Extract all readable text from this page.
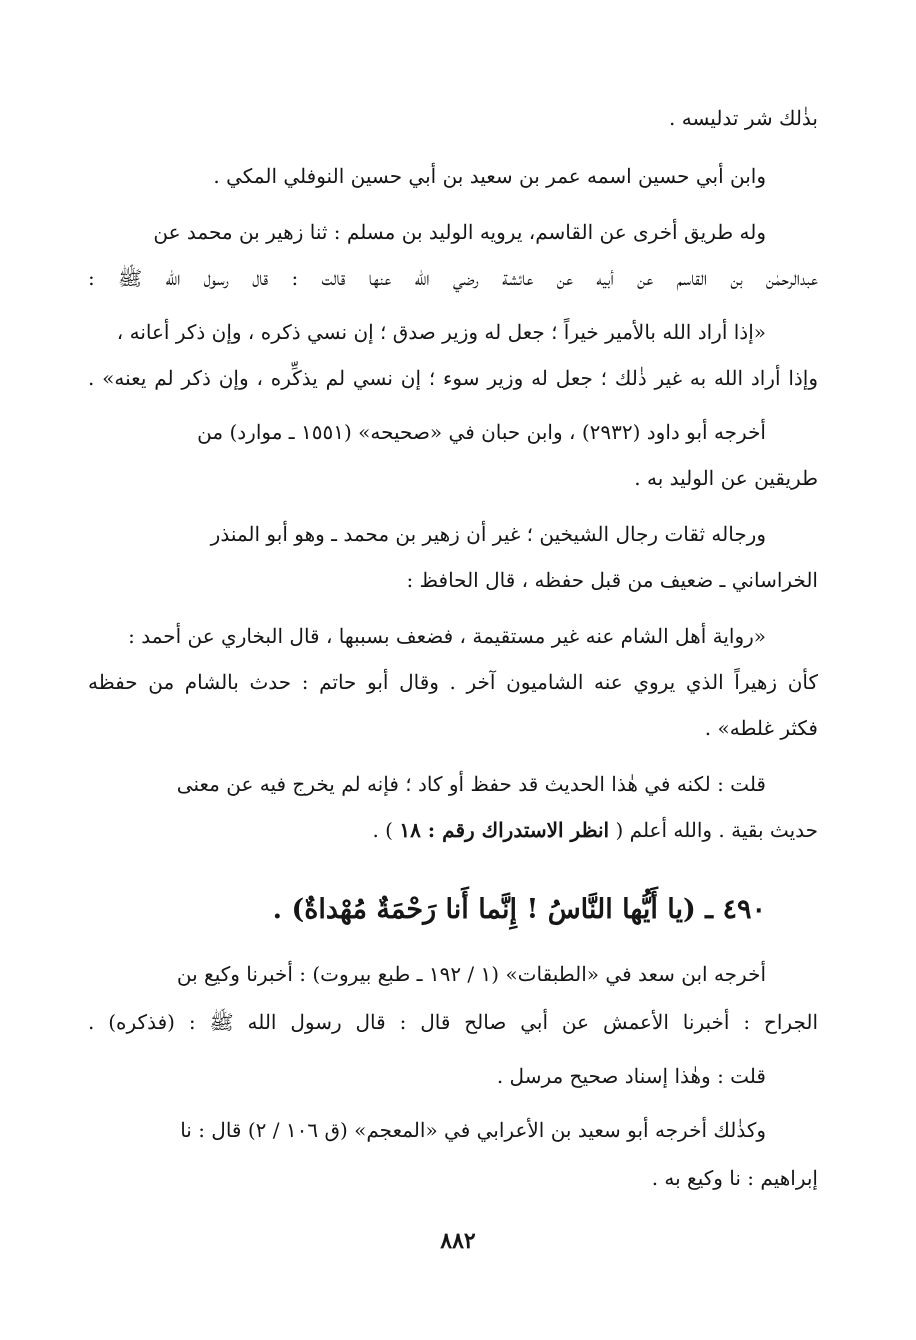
بذٰلك شر تدليسه .
وابن أبي حسين اسمه عمر بن سعيد بن أبي حسين النوفلي المكي .
وله طريق أخرى عن القاسم، يرويه الوليد بن مسلم : ثنا زهير بن محمد عن
عبدالرحمٰن بن القاسم عن أبيه عن عائشة رضي الله عنها قالت : قال رسول الله ﷺ :
«إذا أراد الله بالأمير خيراً ؛ جعل له وزير صدق ؛ إن نسي ذكره ، وإن ذكر أعانه ،
وإذا أراد الله به غير ذٰلك ؛ جعل له وزير سوء ؛ إن نسي لم يذكِّره ، وإن ذكر لم يعنه» .
أخرجه أبو داود (٢٩٣٢) ، وابن حبان في «صحيحه» (١٥٥١ ـ موارد) من
طريقين عن الوليد به .
ورجاله ثقات رجال الشيخين ؛ غير أن زهير بن محمد ـ وهو أبو المنذر
الخراساني ـ ضعيف من قبل حفظه ، قال الحافظ :
«رواية أهل الشام عنه غير مستقيمة ، فضعف بسببها ، قال البخاري عن أحمد :
كأن زهيراً الذي يروي عنه الشاميون آخر . وقال أبو حاتم : حدث بالشام من حفظه
فكثر غلطه» .
قلت : لكنه في هٰذا الحديث قد حفظ أو كاد ؛ فإنه لم يخرج فيه عن معنى
حديث بقية . والله أعلم ( انظر الاستدراك رقم : ١٨ ) .
٤٩٠ ـ (يا أَيُّها النَّاسُ ! إِنَّما أَنا رَحْمَةٌ مُهْداةٌ) .
أخرجه ابن سعد في «الطبقات» (١ / ١٩٢ ـ طبع بيروت) : أخبرنا وكيع بن
الجراح : أخبرنا الأعمش عن أبي صالح قال : قال رسول الله ﷺ : (فذكره) .
قلت : وهٰذا إسناد صحيح مرسل .
وكذٰلك أخرجه أبو سعيد بن الأعرابي في «المعجم» (ق ١٠٦ / ٢) قال : نا
إبراهيم : نا وكيع به .
٨٨٢
